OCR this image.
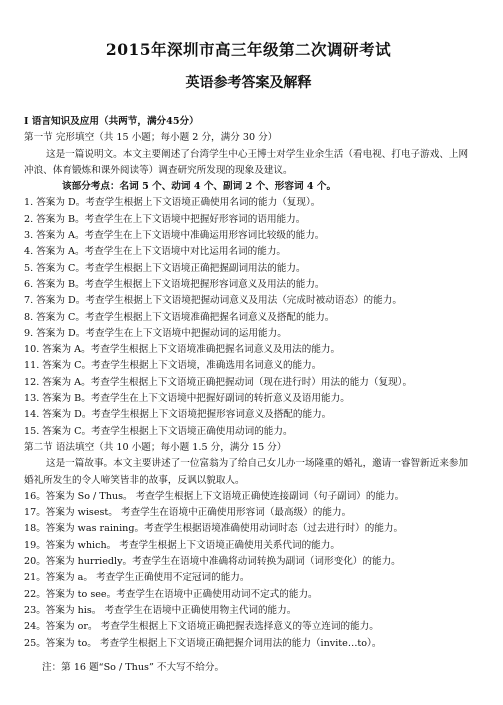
2015年深圳市高三年级第二次调研考试
英语参考答案及解释
Ⅰ 语言知识及应用（共两节，满分45分）
第一节 完形填空（共 15 小题；每小题 2 分，满分 30 分）
这是一篇说明文。本文主要阐述了台湾学生中心王博士对学生业余生活（看电视、打电子游戏、上网冲浪、体育锻炼和课外阅读等）调查研究所发现的现象及建议。
该部分考点：名词 5 个、动词 4 个、副词 2 个、形容词 4 个。
1. 答案为 D。考查学生根据上下文语境正确使用名词的能力（复现）。
2. 答案为 B。考查学生在上下文语境中把握好形容词的语用能力。
3. 答案为 A。考查学生在上下文语境中准确运用形容词比较级的能力。
4. 答案为 A。考查学生在上下文语境中对比运用名词的能力。
5. 答案为 C。考查学生根据上下文语境正确把握副词用法的能力。
6. 答案为 B。考查学生根据上下文语境把握形容词意义及用法的能力。
7. 答案为 D。考查学生根据上下文语境把握动词意义及用法（完成时被动语态）的能力。
8. 答案为 C。考查学生根据上下文语境准确把握名词意义及搭配的能力。
9. 答案为 D。考查学生在上下文语境中把握动词的运用能力。
10. 答案为 A。考查学生根据上下文语境准确把握名词意义及用法的能力。
11. 答案为 C。考查学生根据上下文语境，准确选用名词意义的能力。
12. 答案为 A。考查学生根据上下文语境正确把握动词（现在进行时）用法的能力（复现）。
13. 答案为 B。考查学生在上下文语境中把握好副词的转折意义及语用能力。
14. 答案为 D。考查学生根据上下文语境把握形容词意义及搭配的能力。
15. 答案为 C。考查学生根据上下文语境正确使用动词的能力。
第二节 语法填空（共 10 小题；每小题 1.5 分，满分 15 分）
这是一篇故事。本文主要讲述了一位富翁为了给自己女儿办一场隆重的婚礼，邀请一睿智新近来参加婚礼所发生的令人啼笑皆非的故事，反讽以貌取人。
16。答案为 So / Thus。 考查学生根据上下文语境正确使连接副词（句子副词）的能力。
17。答案为 wisest。 考查学生在语境中正确使用形容词（最高级）的能力。
18。答案为 was raining。考查学生根据语境准确使用动词时态（过去进行时）的能力。
19。答案为 which。 考查学生根据上下文语境正确使用关系代词的能力。
20。答案为 hurriedly。考查学生在语境中准确将动词转换为副词（词形变化）的能力。
21。答案为 a。 考查学生正确使用不定冠词的能力。
22。答案为 to see。考查学生在语境中正确使用动词不定式的能力。
23。答案为 his。 考查学生在语境中正确使用物主代词的能力。
24。答案为 or。 考查学生根据上下文语境正确把握表选择意义的等立连词的能力。
25。答案为 to。 考查学生根据上下文语境正确把握介词用法的能力（invite…to）。
注：第 16 题“So / Thus” 不大写不给分。
